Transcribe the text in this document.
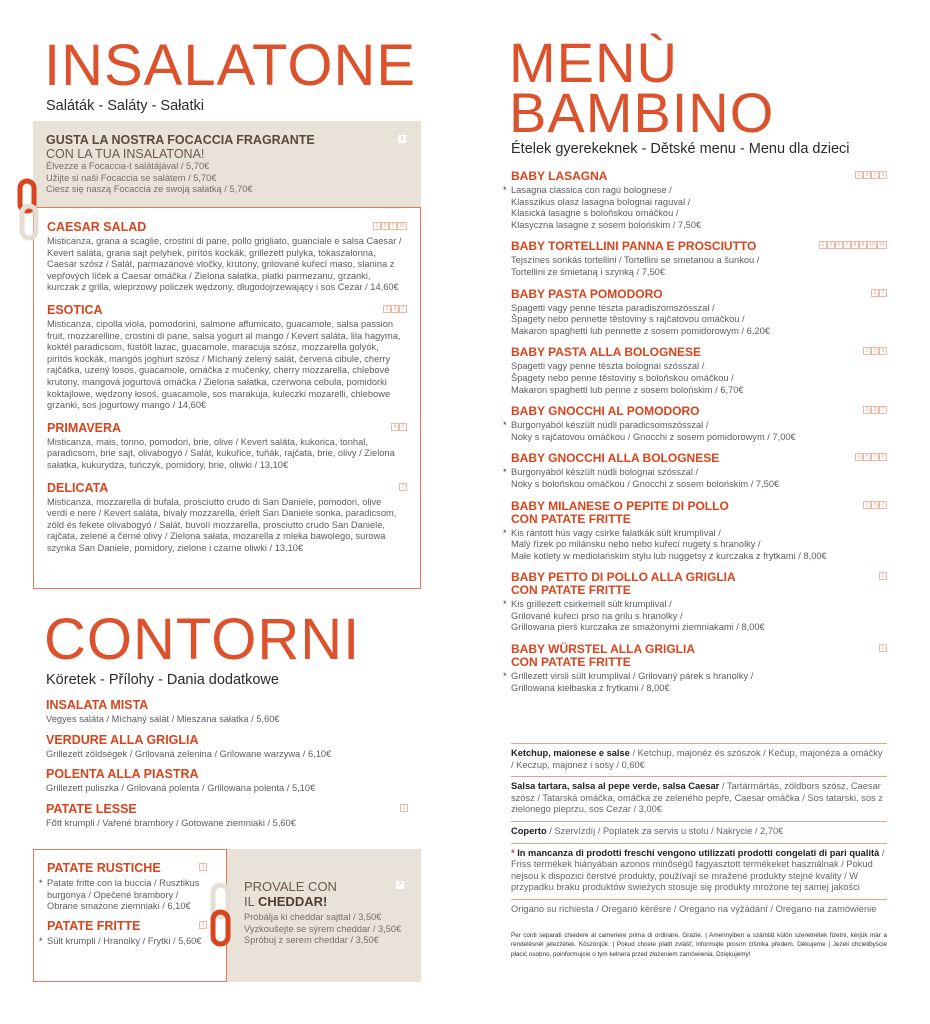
INSALATONE
Saláták - Saláty - Sałatki
GUSTA LA NOSTRA FOCACCIA FRAGRANTE
CON LA TUA INSALATONA!
Élvezze a Focaccia-t salátájával / 5,70€
Užijte si naši Focaccia se salátem / 5,70€
Ciesz się naszą Focaccia ze swoją sałatką / 5,70€
1
CAESAR SALAD
Misticanza, grana a scaglie, crostini di pane, pollo grigliato, guanciale e salsa Caesar / Kevert saláta, grana sajt pelyhek, pirítós kockák, grillezett pulyka, tokaszalonna, Caesar szósz / Salát, parmazánové vločky, krutony, grilované kuřecí maso, slanina z vepřových líček a Caesar omáčka / Zielona sałatka, płatki parmezanu, grzanki, kurczak z grilla, wieprzowy policzek wędzony, długodojrzewający i sos Cezar / 14,60€
1 3 7 10
ESOTICA
Misticanza, cipolla viola, pomodorini, salmone affumicato, guacamole, salsa passion fruit, mozzarelline, crostini di pane, salsa yogurt al mango / Kevert saláta, lila hagyma, koktél paradicsom, füstölt lazac, guacamole, maracuja szósz, mozzarella golyók, pirítós kockák, mangós joghurt szósz / Míchaný zelený salát, červená cibule, cherry rajčátka, uzený losos, guacamole, omáčka z mučenky, cherry mozzarella, chlebové krutony, mangová jogurtová omáčka / Zielona sałatka, czerwona cebula, pomidorki koktajlowe, wędzony łosoś, guacamole, sos marakuja, kuleczki mozarelli, chlebowe grzanki, sos jogurtowy mango / 14,60€
1 4 7
PRIMAVERA
Misticanza, mais, tonno, pomodori, brie, olive / Kevert saláta, kukorica, tonhal, paradicsom, brie sajt, olivabogyó / Salát, kukuřice, tuňák, rajčata, brie, olivy / Zielona sałatka, kukurydza, tuńczyk, pomidory, brie, oliwki / 13,10€
4 7
DELICATA
Misticanza, mozzarella di bufala, prosciutto crudo di San Daniele, pomodori, olive verdi e nere / Kevert saláta, bivaly mozzarella, érlelt San Daniele sonka, paradicsom, zöld és fekete olivabogyó / Salát, buvolí mozzarella, prosciutto crudo San Daniele, rajčata, zelené a černé olivy / Zielona sałata, mozarella z mleka bawolego, surowa szynka San Daniele, pomidory, zielone i czarne oliwki / 13,10€
7
CONTORNI
Köretek - Přílohy - Dania dodatkowe
INSALATA MISTA
Vegyes saláta / Míchaný salát / Mieszana sałatka / 5,60€
VERDURE ALLA GRIGLIA
Grillezett zöldségek / Grilovaná zelenina / Grilowane warzywa / 6,10€
POLENTA ALLA PIASTRA
Grillezett puliszka / Grilovaná polenta / Grillowana polenta / 5,10€
PATATE LESSE
Főtt krumpli / Vařené brambory / Gotowane ziemniaki / 5,60€
1
PATATE RUSTICHE
* Patate fritte con la buccia / Rusztikus burgonya / Opečené brambory / Obrane smażone ziemniaki / 6,10€
1
PATATE FRITTE
* Sült krumpli / Hranolky / Frytki / 5,60€
1
PROVALE CON
IL CHEDDAR!
Próbálja ki cheddar sajttal / 3,50€
Vyzkoušejte se sýrem cheddar / 3,50€
Spróbuj z serem cheddar / 3,50€
7
MENÙ
BAMBINO
Ételek gyerekeknek - Dětské menu - Menu dla dzieci
BABY LASAGNA
* Lasagna classica con ragù bolognese /
Klasszikus olasz lasagna bolognai raguval /
Klasická lasagne s boloňskou omáčkou /
Klasyczna lasagne z sosem bolońskim / 7,50€
1 3 7 9
BABY TORTELLINI PANNA E PROSCIUTTO
Tejszínes sonkás tortellini / Tortellini se smetanou a šunkou /
Tortellini ze śmietaną i szynką / 7,50€
1 3 5 7 8 9 10 14
BABY PASTA POMODORO
Spagetti vagy penne tészta paradiszomszósszal /
Špagety nebo pennette těstoviny s rajčatovou omáčkou /
Makaron spaghetti lub pennette z sosem pomidorowym / 6,20€
1 7
BABY PASTA ALLA BOLOGNESE
Spagetti vagy penne tészta bolognai szósszal /
Špagety nebo penne těstoviny s boloňskou omáčkou /
Makaron spaghetti lub penne z sosem bolońskim / 6,70€
1 7 9
BABY GNOCCHI AL POMODORO
* Burgonyából készült núdli paradicsomszósszal /
Noky s rajčatovou omáčkou / Gnocchi z sosem pomidorowym / 7,00€
1 3 7
BABY GNOCCHI ALLA BOLOGNESE
* Burgonyából készült núdli bolognai szósszal /
Noky s boloňskou omáčkou / Gnocchi z sosem bolońskim / 7,50€
1 3 7 9
BABY MILANESE O PEPITE DI POLLO
CON PATATE FRITTE
* Kis rántott hús vagy csirke falatkák sült krumplival /
Malý řízek po milánsku nebo nebo kuřecí nugety s hranolky /
Małe kotlety w mediolańskim stylu lub nuggetsy z kurczaka z frytkami / 8,00€
1 3 7
BABY PETTO DI POLLO ALLA GRIGLIA
CON PATATE FRITTE
* Kis grillezett csirkemell sült krumplival /
Grilované kuřecí prso na grilu s hranolky /
Grillowana pierś kurczaka ze smażonymi ziemniakami / 8,00€
1
BABY WÜRSTEL ALLA GRIGLIA
CON PATATE FRITTE
* Grillezett virsli sült krumplival / Grilovaný párek s hranolky /
Grillowana kiełbaska z frytkami / 8,00€
1
Ketchup, maionese e salse / Ketchup, majonéz és szószok / Kečup, majonéza a omáčky / Keczup, majonez i sosy / 0,60€
Salsa tartara, salsa al pepe verde, salsa Caesar / Tartármártás, zöldbors szósz, Caesar szósz / Tatarská omáčka, omáčka ze zeleného pepře, Caesar omáčka / Sos tatarski, sos z zielonego pieprzu, sos Cezar / 3,00€
Coperto / Szervízdíj / Poplatek za servis u stolu / Nakrycie / 2,70€
* In mancanza di prodotti freschi vengono utilizzati prodotti congelati di pari qualità / Friss termékek hiányában azonos minőségű fagyasztott termékeket használnak / Pokud nejsou k dispozici čerstvé produkty, používají se mražené produkty stejné kvality / W przypadku braku produktów świeżych stosuje się produkty mrożone tej samej jakości
Origano su richiesta / Oreganó kérésre / Oregano na vyžádání / Oregano na zamówienie
Per conti separati chiedere al cameriere prima di ordinare. Grazie. | Amennyiben a számlát külön szeretnétek fizetni, kérjük már a rendelésnél jelezzétek. Köszönjük. | Pokud chcete platit zvlášť, informujte prosím číšníka předem. Děkujeme | Jeżeli chcielibyście płacić osobno, poinformujcie o tym kelnera przed złożeniem zamówienia. Dziękujemy!
